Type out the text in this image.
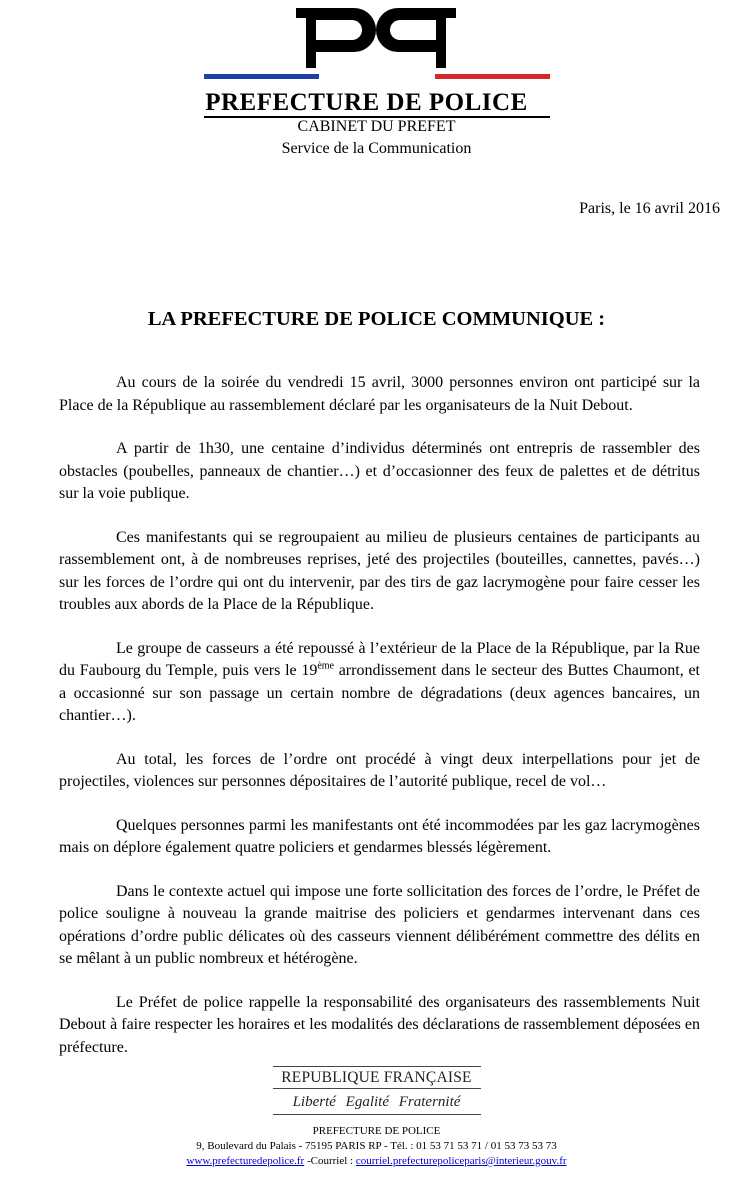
PREFECTURE DE POLICE
CABINET DU PREFET
Service de la Communication
Paris, le 16 avril 2016
LA PREFECTURE DE POLICE COMMUNIQUE :

Au cours de la soirée du vendredi 15 avril, 3000 personnes environ ont participé sur la Place de la République au rassemblement déclaré par les organisateurs de la Nuit Debout.

A partir de 1h30, une centaine d’individus déterminés ont entrepris de rassembler des obstacles (poubelles, panneaux de chantier…) et d’occasionner des feux de palettes et de détritus sur la voie publique.

Ces manifestants qui se regroupaient au milieu de plusieurs centaines de participants au rassemblement ont, à de nombreuses reprises, jeté des projectiles (bouteilles, cannettes, pavés…) sur les forces de l’ordre qui ont du intervenir, par des tirs de gaz lacrymogène pour faire cesser les troubles aux abords de la Place de la République.

Le groupe de casseurs a été repoussé à l’extérieur de la Place de la République, par la Rue du Faubourg du Temple, puis vers le 19ème arrondissement dans le secteur des Buttes Chaumont, et a occasionné sur son passage un certain nombre de dégradations (deux agences bancaires, un chantier…).

Au total, les forces de l’ordre ont procédé à vingt deux interpellations pour jet de projectiles, violences sur personnes dépositaires de l’autorité publique, recel de vol…

Quelques personnes parmi les manifestants ont été incommodées par les gaz lacrymogènes mais on déplore également quatre policiers et gendarmes blessés légèrement.

Dans le contexte actuel qui impose une forte sollicitation des forces de l’ordre, le Préfet de police souligne à nouveau la grande maitrise des policiers et gendarmes intervenant dans ces opérations d’ordre public délicates où des casseurs viennent délibérément commettre des délits en se mêlant à un public nombreux et hétérogène.

Le Préfet de police rappelle la responsabilité des organisateurs des rassemblements Nuit Debout à faire respecter les horaires et les modalités des déclarations de rassemblement déposées en préfecture.

REPUBLIQUE FRANÇAISE
Liberté Egalité Fraternité
PREFECTURE DE POLICE
9, Boulevard du Palais - 75195 PARIS RP - Tél. : 01 53 71 53 71 / 01 53 73 53 73
www.prefecturedepolice.fr -Courriel : courriel.prefecturepoliceparis@interieur.gouv.fr
